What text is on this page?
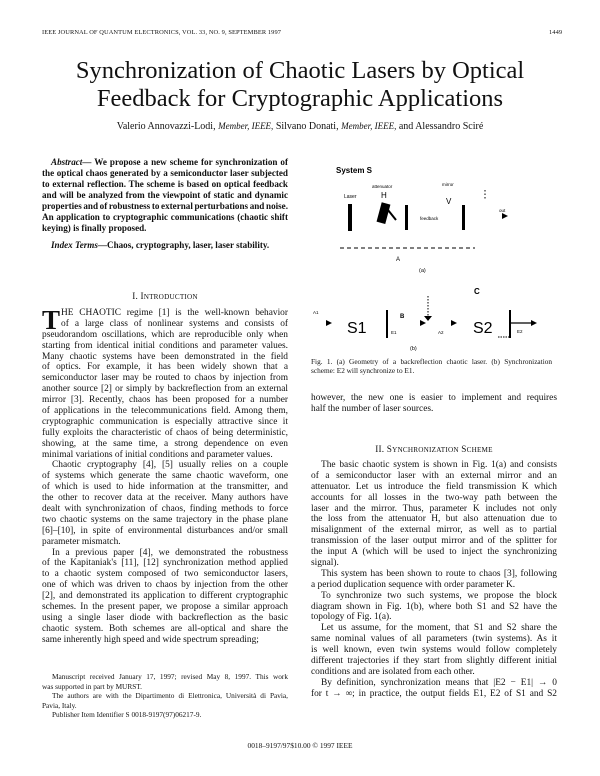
IEEE JOURNAL OF QUANTUM ELECTRONICS, VOL. 33, NO. 9, SEPTEMBER 1997	1449
Synchronization of Chaotic Lasers by Optical
Feedback for Cryptographic Applications
Valerio Annovazzi-Lodi, Member, IEEE, Silvano Donati, Member, IEEE, and Alessandro Sciré
Abstract— We propose a new scheme for synchronization of
the optical chaos generated by a semiconductor laser subjected
to external reflection. The scheme is based on optical feedback
and will be analyzed from the viewpoint of static and dynamic
properties and of robustness to external perturbations and noise.
An application to cryptographic communications (chaotic shift
keying) is finally proposed.
Index Terms—Chaos, cryptography, laser, laser stability.
I. INTRODUCTION
T HE CHAOTIC regime [1] is the well-known behavior
of a large class of nonlinear systems and consists of
pseudorandom oscillations, which are reproducible only when
starting from identical initial conditions and parameter values.
Many chaotic systems have been demonstrated in the field
of optics. For example, it has been widely shown that a
semiconductor laser may be routed to chaos by injection from
another source [2] or simply by backreflection from an external
mirror [3]. Recently, chaos has been proposed for a number
of applications in the telecommunications field. Among them,
cryptographic communication is especially attractive since it
fully exploits the characteristic of chaos of being deterministic,
showing, at the same time, a strong dependence on even
minimal variations of initial conditions and parameter values.
Chaotic cryptography [4], [5] usually relies on a couple
of systems which generate the same chaotic waveform, one
of which is used to hide information at the transmitter, and
the other to recover data at the receiver. Many authors have
dealt with synchronization of chaos, finding methods to force
two chaotic systems on the same trajectory in the phase plane
[6]–[10], in spite of environmental disturbances and/or small
parameter mismatch.
In a previous paper [4], we demonstrated the robustness
of the Kapitaniak's [11], [12] synchronization method applied
to a chaotic system composed of two semiconductor lasers,
one of which was driven to chaos by injection from the other
[2], and demonstrated its application to different cryptographic
schemes. In the present paper, we propose a similar approach
using a single laser diode with backreflection as the basic
chaotic system. Both schemes are all-optical and share the
same inherently high speed and wide spectrum spreading;
Manuscript received January 17, 1997; revised May 8, 1997. This work
was supported in part by MURST.
The authors are with the Dipartimento di Elettronica, Università di Pavia,
Pavia, Italy.
Publisher Item Identifier S 0018-9197(97)06217-9.
0018–9197/97$10.00 © 1997 IEEE
System S
attenuator
H
Laser
mirror
V
feedback
out
A
(a)
C
A1
S1
B
E1	A2 S2	E2
(b)
Fig. 1. (a) Geometry of a backreflection chaotic laser. (b) Synchronization
scheme: E2 will synchronize to E1.
however, the new one is easier to implement and requires
half the number of laser sources.
II. SYNCHRONIZATION SCHEME
The basic chaotic system is shown in Fig. 1(a) and consists
of a semiconductor laser with an external mirror and an
attenuator. Let us introduce the field transmission K which
accounts for all losses in the two-way path between the
laser and the mirror. Thus, parameter K includes not only
the loss from the attenuator H, but also attenuation due to
misalignment of the external mirror, as well as to partial
transmission of the laser output mirror and of the splitter for
the input A (which will be used to inject the synchronizing
signal).
This system has been shown to route to chaos [3], following
a period duplication sequence with order parameter K.
To synchronize two such systems, we propose the block
diagram shown in Fig. 1(b), where both S1 and S2 have the
topology of Fig. 1(a).
Let us assume, for the moment, that S1 and S2 share the
same nominal values of all parameters (twin systems). As it
is well known, even twin systems would follow completely
different trajectories if they start from slightly different initial
conditions and are isolated from each other.
By definition, synchronization means that |E2 − E1| → 0
for t → ∞; in practice, the output fields E1, E2 of S1 and S2
